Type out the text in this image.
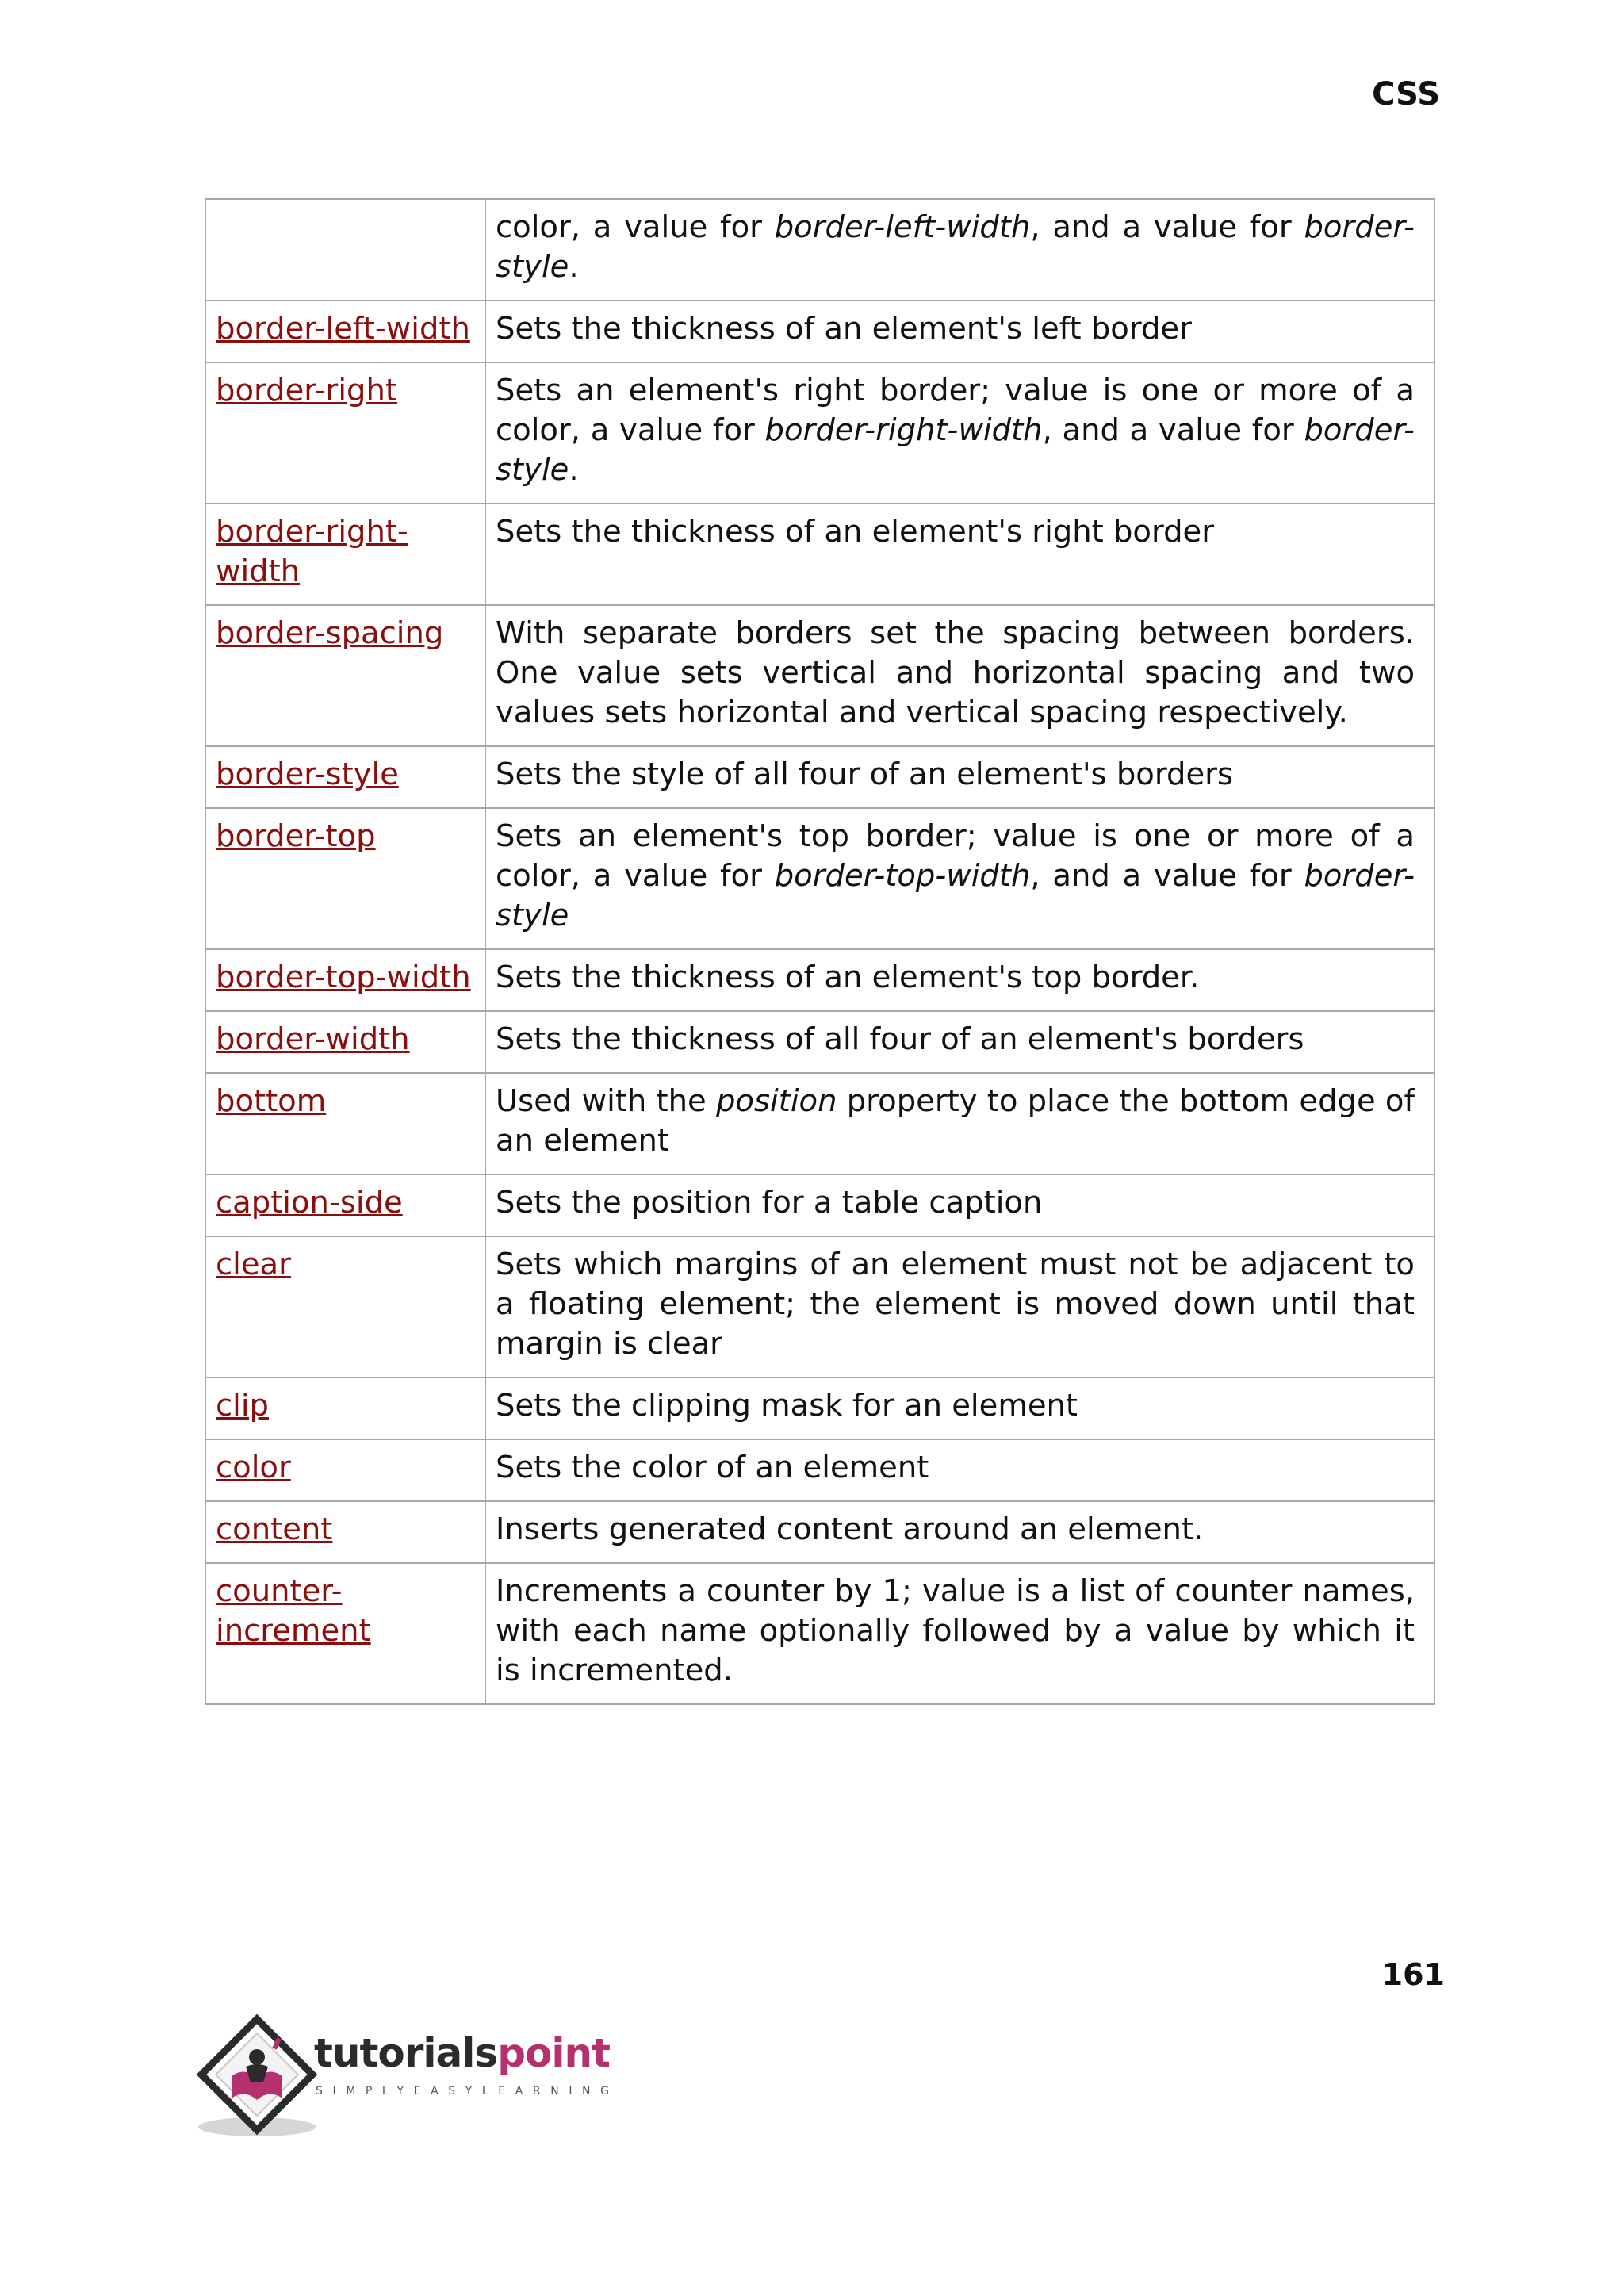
CSS
	color, a value for border-left-width, and a value for border-style.
border-left-width	Sets the thickness of an element's left border
border-right	Sets an element's right border; value is one or more of a color, a value for border-right-width, and a value for border-style.
border-right-width	Sets the thickness of an element's right border
border-spacing	With separate borders set the spacing between borders. One value sets vertical and horizontal spacing and two values sets horizontal and vertical spacing respectively.
border-style	Sets the style of all four of an element's borders
border-top	Sets an element's top border; value is one or more of a color, a value for border-top-width, and a value for border-style
border-top-width	Sets the thickness of an element's top border.
border-width	Sets the thickness of all four of an element's borders
bottom	Used with the position property to place the bottom edge of an element
caption-side	Sets the position for a table caption
clear	Sets which margins of an element must not be adjacent to a floating element; the element is moved down until that margin is clear
clip	Sets the clipping mask for an element
color	Sets the color of an element
content	Inserts generated content around an element.
counter-increment	Increments a counter by 1; value is a list of counter names, with each name optionally followed by a value by which it is incremented.
161
tutorialspoint
SIMPLYEASYLEARNING
